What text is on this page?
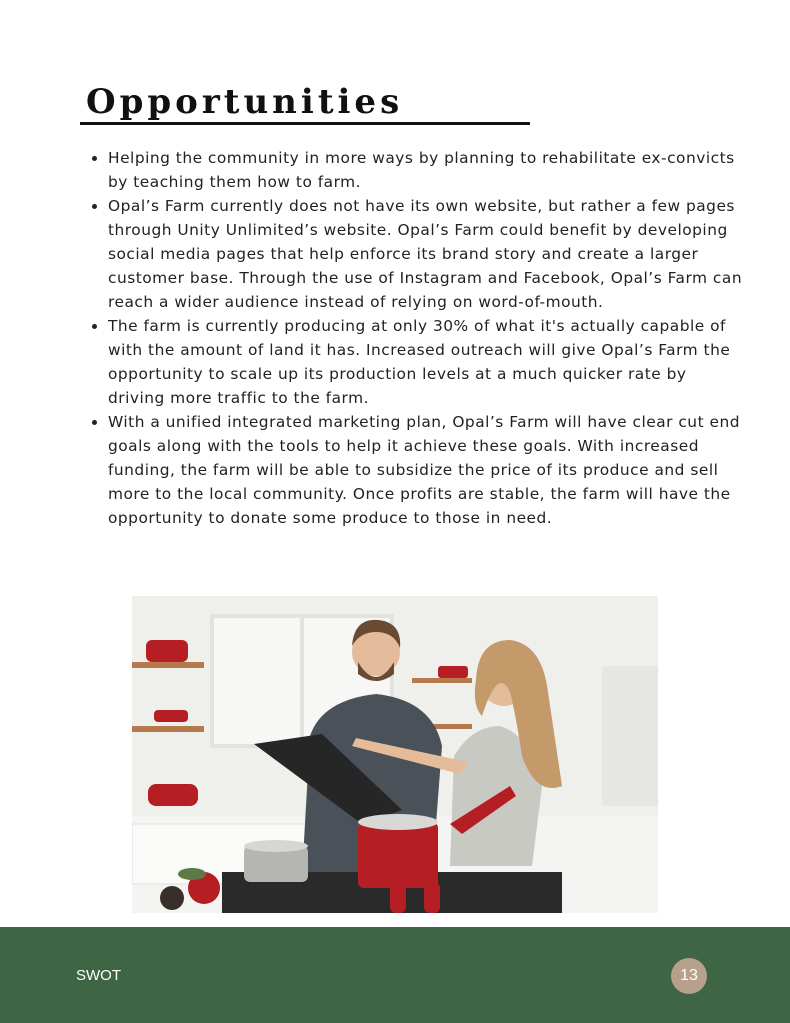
Opportunities
• Helping the community in more ways by planning to rehabilitate ex-convicts by teaching them how to farm.
• Opal’s Farm currently does not have its own website, but rather a few pages through Unity Unlimited’s website. Opal’s Farm could benefit by developing social media pages that help enforce its brand story and create a larger customer base. Through the use of Instagram and Facebook, Opal’s Farm can reach a wider audience instead of relying on word-of-mouth.
• The farm is currently producing at only 30% of what it's actually capable of with the amount of land it has. Increased outreach will give Opal’s Farm the opportunity to scale up its production levels at a much quicker rate by driving more traffic to the farm.
• With a unified integrated marketing plan, Opal’s Farm will have clear cut end goals along with the tools to help it achieve these goals. With increased funding, the farm will be able to subsidize the price of its produce and sell more to the local community. Once profits are stable, the farm will have the opportunity to donate some produce to those in need.
SWOT	13
